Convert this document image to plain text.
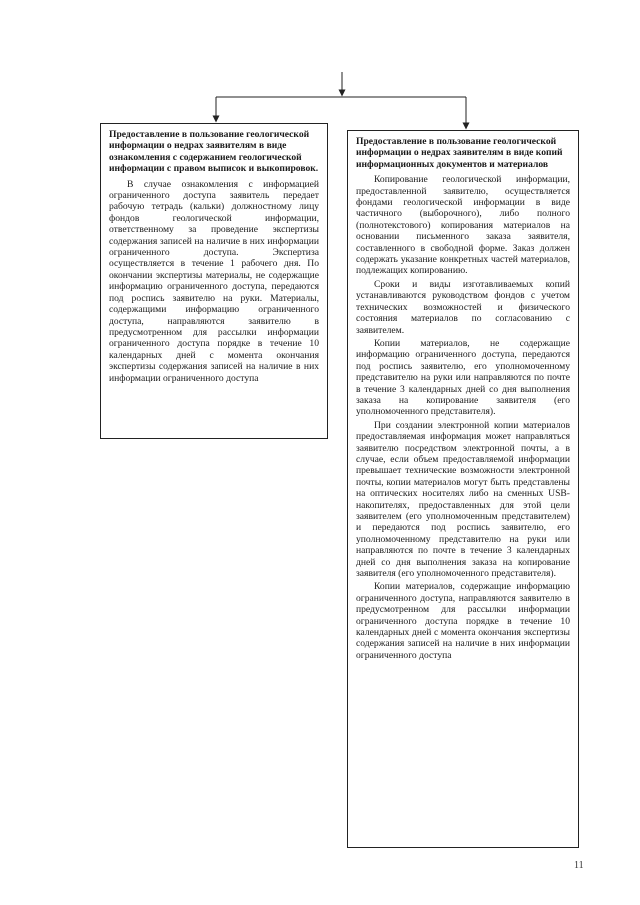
Предоставление в пользование геологической информации о недрах заявителям в виде ознакомления с содержанием геологической информации с правом выписок и выкопировок.

В случае ознакомления с информацией ограниченного доступа заявитель передает рабочую тетрадь (кальки) должностному лицу фондов геологической информации, ответственному за проведение экспертизы содержания записей на наличие в них информации ограниченного доступа. Экспертиза осуществляется в течение 1 рабочего дня. По окончании экспертизы материалы, не содержащие информацию ограниченного доступа, передаются под роспись заявителю на руки. Материалы, содержащими информацию ограниченного доступа, направляются заявителю в предусмотренном для рассылки информации ограниченного доступа порядке в течение 10 календарных дней с момента окончания экспертизы содержания записей на наличие в них информации ограниченного доступа

Предоставление в пользование геологической информации о недрах заявителям в виде копий информационных документов и материалов

Копирование геологической информации, предоставленной заявителю, осуществляется фондами геологической информации в виде частичного (выборочного), либо полного (полнотекстового) копирования материалов на основании письменного заказа заявителя, составленного в свободной форме. Заказ должен содержать указание конкретных частей материалов, подлежащих копированию.

Сроки и виды изготавливаемых копий устанавливаются руководством фондов с учетом технических возможностей и физического состояния материалов по согласованию с заявителем.

Копии материалов, не содержащие информацию ограниченного доступа, передаются под роспись заявителю, его уполномоченному представителю на руки или направляются по почте в течение 3 календарных дней со дня выполнения заказа на копирование заявителя (его уполномоченного представителя).

При создании электронной копии материалов предоставляемая информация может направляться заявителю посредством электронной почты, а в случае, если объем предоставляемой информации превышает технические возможности электронной почты, копии материалов могут быть представлены на оптических носителях либо на сменных USB-накопителях, предоставленных для этой цели заявителем (его уполномоченным представителем) и передаются под роспись заявителю, его уполномоченному представителю на руки или направляются по почте в течение 3 календарных дней со дня выполнения заказа на копирование заявителя (его уполномоченного представителя).

Копии материалов, содержащие информацию ограниченного доступа, направляются заявителю в предусмотренном для рассылки информации ограниченного доступа порядке в течение 10 календарных дней с момента окончания экспертизы содержания записей на наличие в них информации ограниченного доступа

11
